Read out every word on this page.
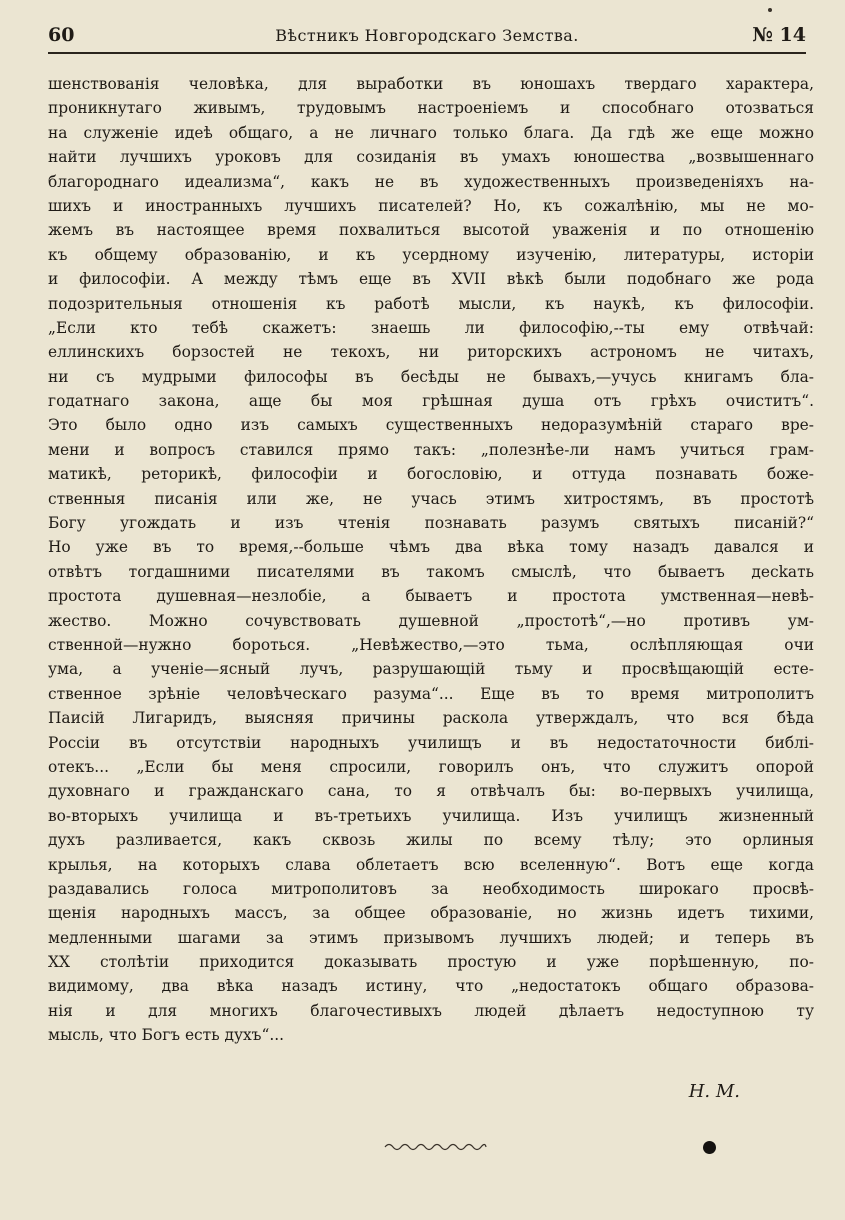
60	Вѣстникъ Новгородскаго Земства.	№ 14
шенствованія человѣка, для выработки въ юношахъ твердаго характера,
проникнутаго живымъ, трудовымъ настроеніемъ и способнаго отозваться
на служеніе идеѣ общаго, а не личнаго только блага. Да гдѣ же еще можно
найти лучшихъ уроковъ для созиданія въ умахъ юношества „возвышеннаго
благороднаго идеализма“, какъ не въ художественныхъ произведеніяхъ на-
шихъ и иностранныхъ лучшихъ писателей? Но, къ сожалѣнію, мы не мо-
жемъ въ настоящее время похвалиться высотой уваженія и по отношенію
къ общему образованію, и къ усердному изученію, литературы, исторіи
и философіи. А между тѣмъ еще въ XVII вѣкѣ были подобнаго же рода
подозрительныя отношенія къ работѣ мысли, къ наукѣ, къ философіи.
„Если кто тебѣ скажетъ: знаешь ли философію,--ты ему отвѣчай:
еллинскихъ борзостей не текохъ, ни риторскихъ астрономъ не читахъ,
ни съ мудрыми философы въ бесѣды не бывахъ,—учусь книгамъ бла-
годатнаго закона, аще бы моя грѣшная душа отъ грѣхъ очиститъ“.
Это было одно изъ самыхъ существенныхъ недоразумѣній стараго вре-
мени и вопросъ ставился прямо такъ: „полезнѣе-ли намъ учиться грам-
матикѣ, реторикѣ, философіи и богословію, и оттуда познавать боже-
ственныя писанія или же, не учась этимъ хитростямъ, въ простотѣ
Богу угождать и изъ чтенія познавать разумъ святыхъ писаній?“
Но уже въ то время,--больше чѣмъ два вѣка тому назадъ давался и
отвѣтъ тогдашними писателями въ такомъ смыслѣ, что бываетъ десkать
простота душевная—незлобіе, а бываетъ и простота умственная—невѣ-
жество. Можно сочувствовать душевной „простотѣ“,—но противъ ум-
ственной—нужно бороться. „Невѣжество,—это тьма, ослѣпляющая очи
ума, а ученіе—ясный лучъ, разрушающій тьму и просвѣщающій есте-
ственное зрѣніе человѣческаго разума“... Еще въ то время митрополитъ
Паисій Лигаридъ, выясняя причины раскола утверждалъ, что вся бѣда
Россіи въ отсутствіи народныхъ училищъ и въ недостаточности библі-
отекъ... „Если бы меня спросили, говорилъ онъ, что служитъ опорой
духовнаго и гражданскаго сана, то я отвѣчалъ бы: во-первыхъ училища,
во-вторыхъ училища и въ-третьихъ училища. Изъ училищъ жизненный
духъ разливается, какъ сквозь жилы по всему тѣлу; это орлиныя
крылья, на которыхъ слава облетаетъ всю вселенную“. Вотъ еще когда
раздавались голоса митрополитовъ за необходимость широкаго просвѣ-
щенія народныхъ массъ, за общее образованіе, но жизнь идетъ тихими,
медленными шагами за этимъ призывомъ лучшихъ людей; и теперь въ
XX столѣтіи приходится доказывать простую и уже порѣшенную, по-
видимому, два вѣка назадъ истину, что „недостатокъ общаго образова-
нія и для многихъ благочестивыхъ людей дѣлаетъ недоступною ту
мысль, что Богъ есть духъ“...
Н. М.
